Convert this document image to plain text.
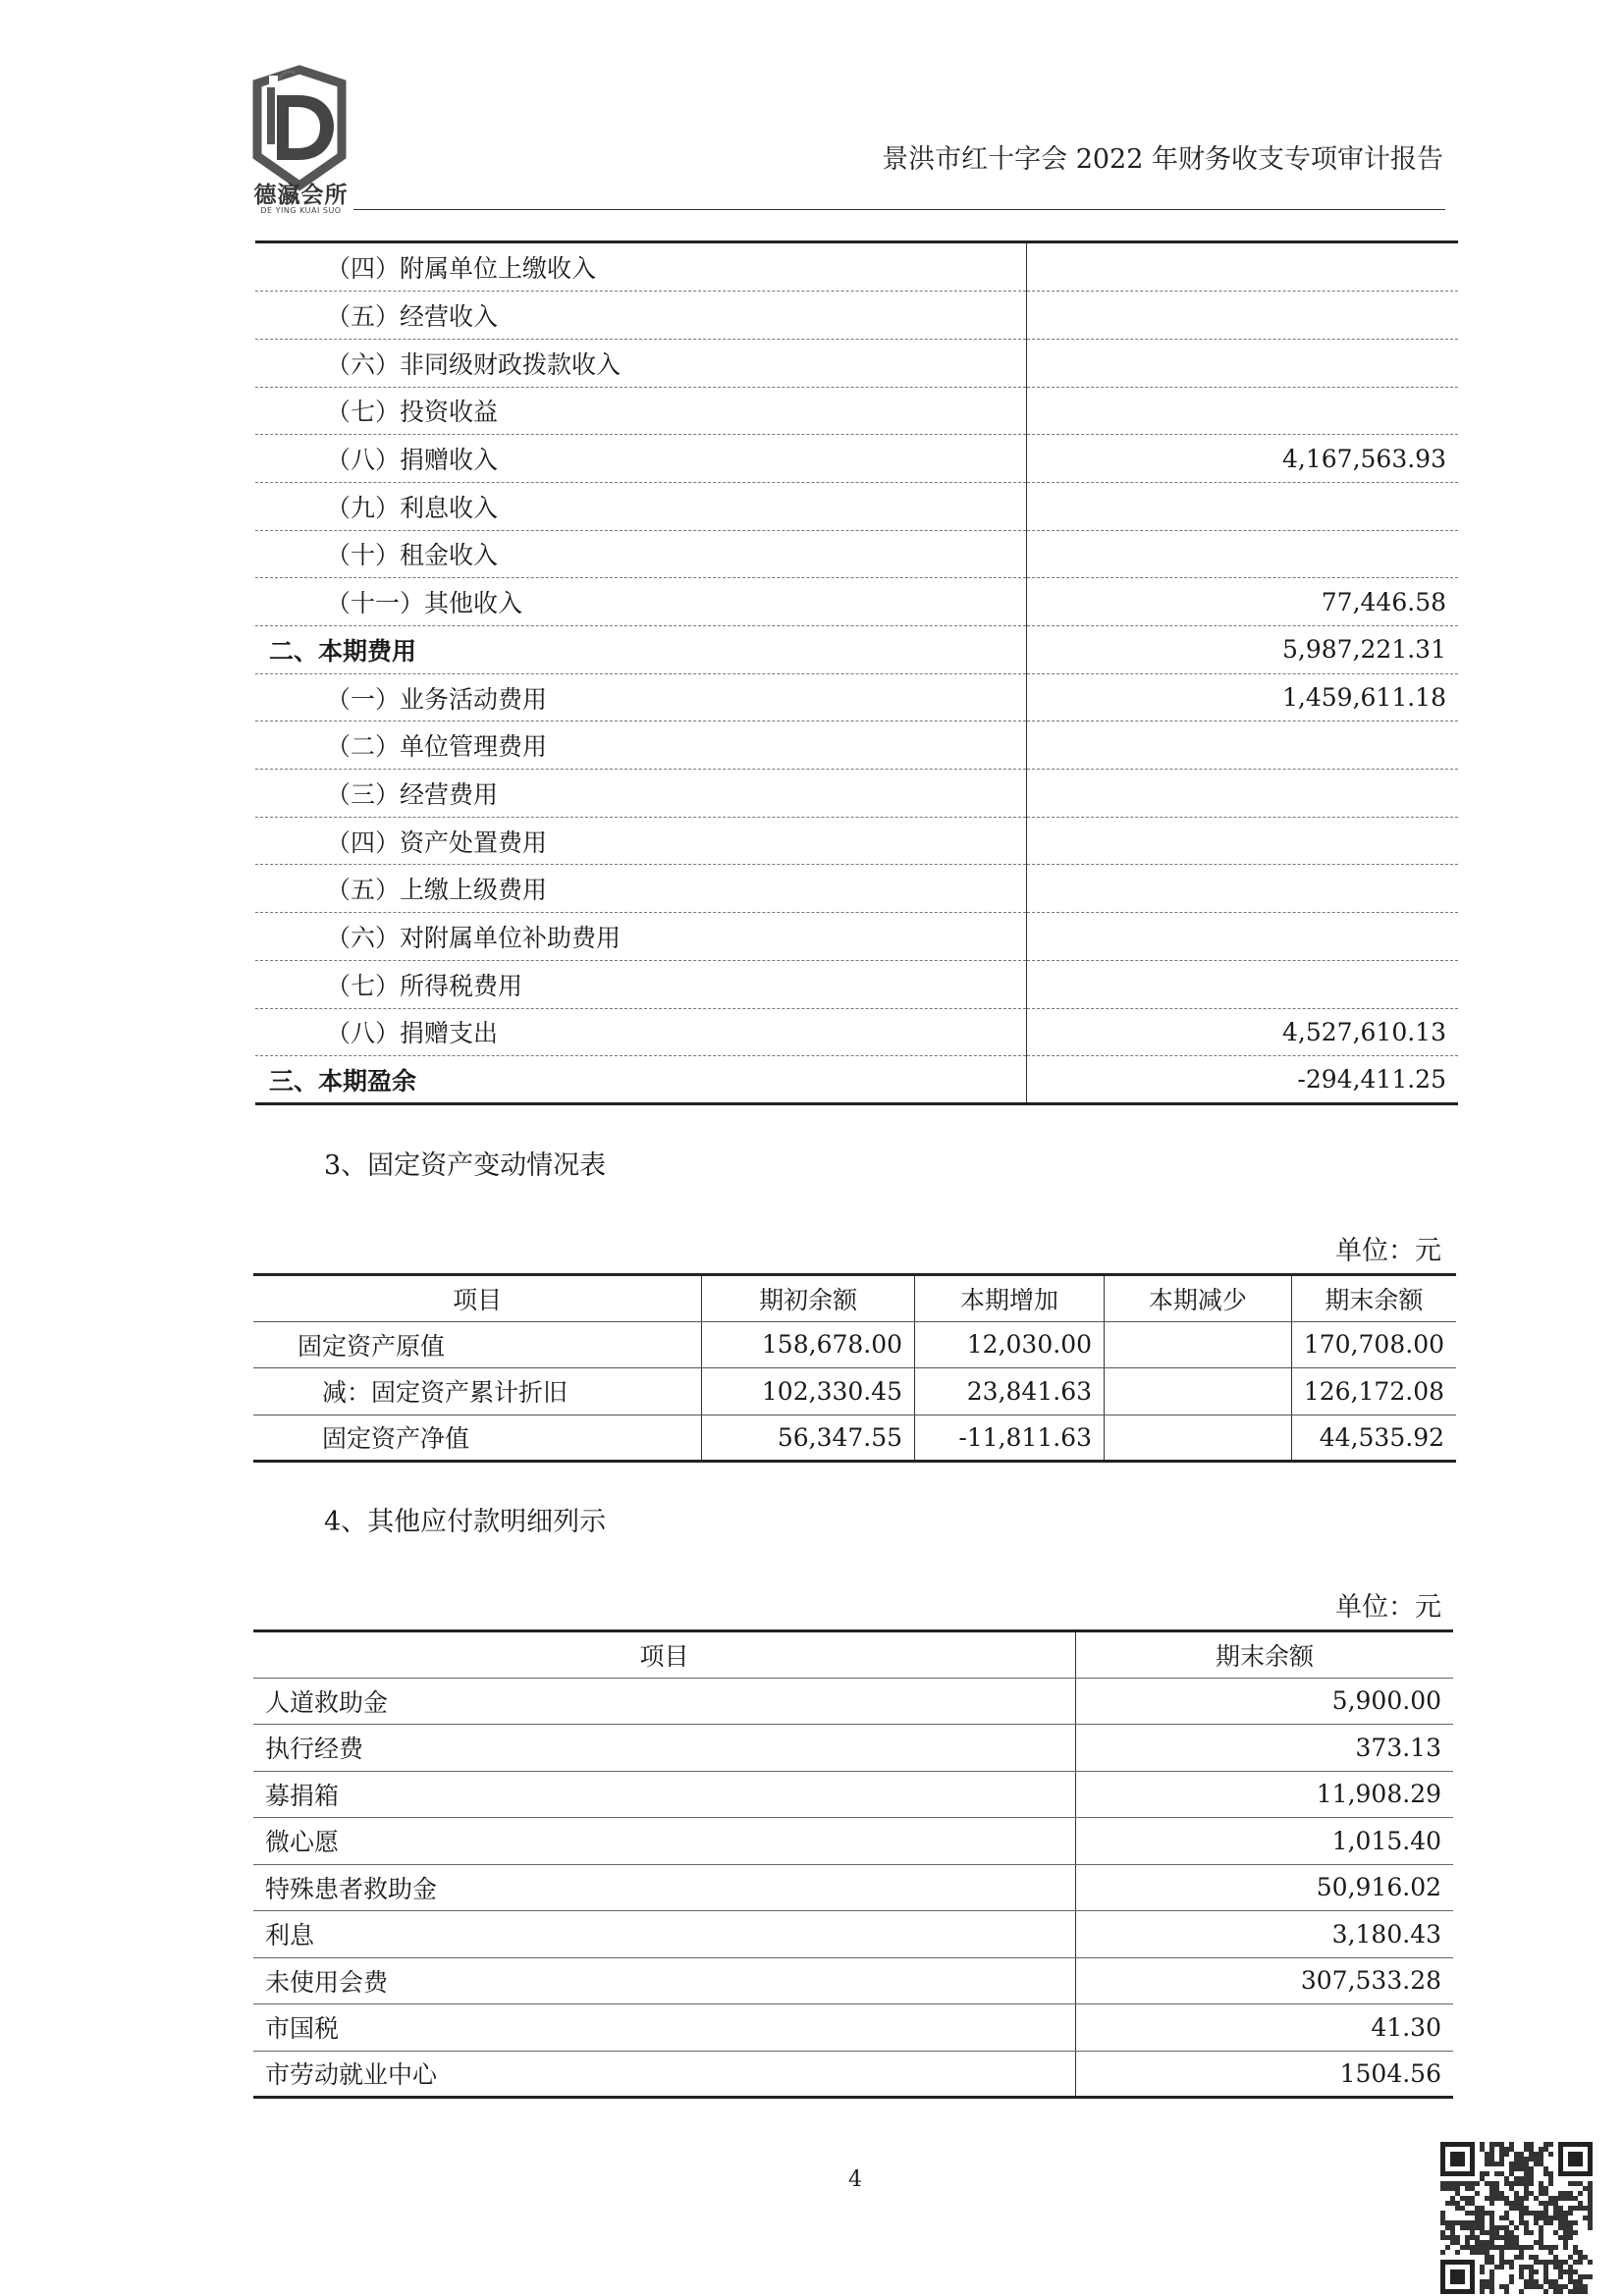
德瀛会所
DE YING KUAI SUO
景洪市红十字会 2022 年财务收支专项审计报告
（四）附属单位上缴收入	
（五）经营收入	
（六）非同级财政拨款收入	
（七）投资收益	
（八）捐赠收入	4,167,563.93
（九）利息收入	
（十）租金收入	
（十一）其他收入	77,446.58
二、本期费用	5,987,221.31
（一）业务活动费用	1,459,611.18
（二）单位管理费用	
（三）经营费用	
（四）资产处置费用	
（五）上缴上级费用	
（六）对附属单位补助费用	
（七）所得税费用	
（八）捐赠支出	4,527,610.13
三、本期盈余	-294,411.25
3、固定资产变动情况表
单位：元
项目	期初余额	本期增加	本期减少	期末余额
固定资产原值	158,678.00	12,030.00		170,708.00
减：固定资产累计折旧	102,330.45	23,841.63		126,172.08
固定资产净值	56,347.55	-11,811.63		44,535.92
4、其他应付款明细列示
单位：元
项目	期末余额
人道救助金	5,900.00
执行经费	373.13
募捐箱	11,908.29
微心愿	1,015.40
特殊患者救助金	50,916.02
利息	3,180.43
未使用会费	307,533.28
市国税	41.30
市劳动就业中心	1504.56
4
